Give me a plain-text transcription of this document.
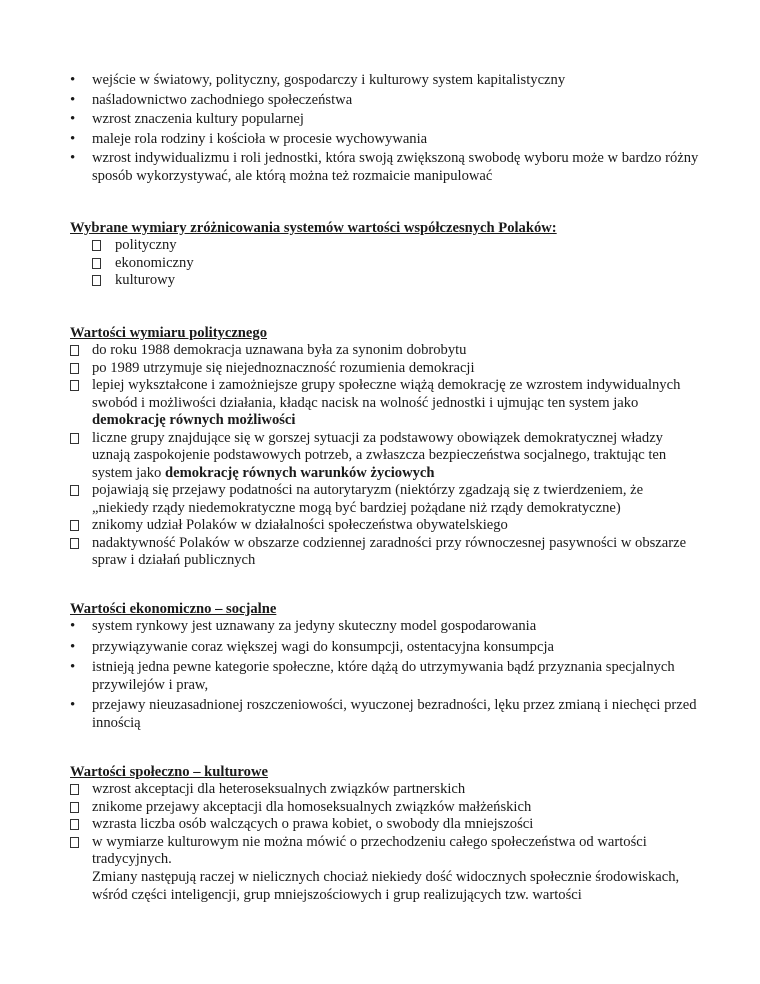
• wejście w światowy, polityczny, gospodarczy i kulturowy system kapitalistyczny
• naśladownictwo zachodniego społeczeństwa
• wzrost znaczenia kultury popularnej
• maleje rola rodziny i kościoła w procesie wychowywania
• wzrost indywidualizmu i roli jednostki, która swoją zwiększoną swobodę wyboru może w bardzo różny sposób wykorzystywać, ale którą można też rozmaicie manipulować
Wybrane wymiary zróżnicowania systemów wartości współczesnych Polaków:
polityczny
ekonomiczny
kulturowy
Wartości wymiaru politycznego
do roku 1988 demokracja uznawana była za synonim dobrobytu
po 1989 utrzymuje się niejednoznaczność rozumienia demokracji
lepiej wykształcone i zamożniejsze grupy społeczne wiążą demokrację ze wzrostem indywidualnych swobód i możliwości działania, kładąc nacisk na wolność jednostki i ujmując ten system jako demokrację równych możliwości
liczne grupy znajdujące się w gorszej sytuacji za podstawowy obowiązek demokratycznej władzy uznają zaspokojenie podstawowych potrzeb, a zwłaszcza bezpieczeństwa socjalnego, traktując ten system jako demokrację równych warunków życiowych
pojawiają się przejawy podatności na autorytaryzm (niektórzy zgadzają się z twierdzeniem, że „niekiedy rządy niedemokratyczne mogą być bardziej pożądane niż rządy demokratyczne)
znikomy udział Polaków w działalności społeczeństwa obywatelskiego
nadaktywność Polaków w obszarze codziennej zaradności przy równoczesnej pasywności w obszarze spraw i działań publicznych
Wartości ekonomiczno – socjalne
• system rynkowy jest uznawany za jedyny skuteczny model gospodarowania
• przywiązywanie coraz większej wagi do konsumpcji, ostentacyjna konsumpcja
• istnieją jedna pewne kategorie społeczne, które dążą do utrzymywania bądź przyznania specjalnych przywilejów i praw,
• przejawy nieuzasadnionej roszczeniowości, wyuczonej bezradności, lęku przez zmianą i niechęci przed innością
Wartości społeczno – kulturowe
wzrost akceptacji dla heteroseksualnych związków partnerskich
znikome przejawy akceptacji dla homoseksualnych związków małżeńskich
wzrasta liczba osób walczących o prawa kobiet, o swobody dla mniejszości
w wymiarze kulturowym nie można mówić o przechodzeniu całego społeczeństwa od wartości tradycyjnych.

Zmiany następują raczej w nielicznych chociaż niekiedy dość widocznych społecznie środowiskach, wśród części inteligencji, grup mniejszościowych i grup realizujących tzw. wartości
